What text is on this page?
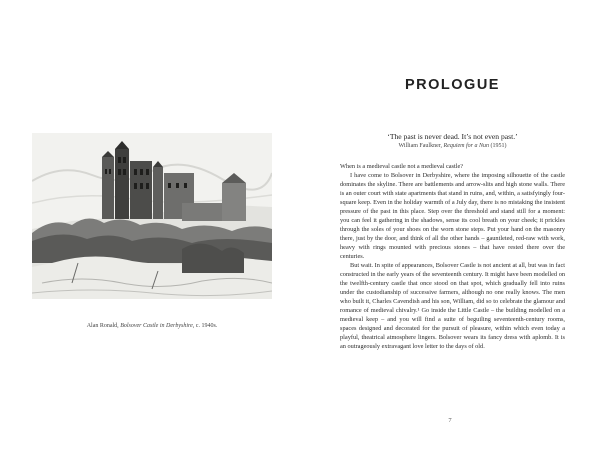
Alan Ronald, Bolsover Castle in Derbyshire, c. 1940s.
PROLOGUE
‘The past is never dead. It’s not even past.’
William Faulkner, Requiem for a Nun (1951)

When is a medieval castle not a medieval castle?

I have come to Bolsover in Derbyshire, where the imposing silhouette of the castle dominates the skyline. There are battlements and arrow-slits and high stone walls. There is an outer court with state apartments that stand in ruins, and, within, a satisfyingly four-square keep. Even in the holiday warmth of a July day, there is no mistaking the insistent pressure of the past in this place. Step over the threshold and stand still for a moment: you can feel it gathering in the shadows, sense its cool breath on your cheek; it prickles through the soles of your shoes on the worn stone steps. Put your hand on the masonry there, just by the door, and think of all the other hands – gauntleted, red-raw with work, heavy with rings mounted with precious stones – that have rested there over the centuries.

But wait. In spite of appearances, Bolsover Castle is not ancient at all, but was in fact constructed in the early years of the seventeenth century. It might have been modelled on the twelfth-century castle that once stood on that spot, which gradually fell into ruins under the custodianship of successive farmers, although no one really knows. The men who built it, Charles Cavendish and his son, William, did so to celebrate the glamour and romance of medieval chivalry.¹ Go inside the Little Castle – the building modelled on a medieval keep – and you will find a suite of beguiling seventeenth-century rooms, spaces designed and decorated for the pursuit of pleasure, within which even today a playful, theatrical atmosphere lingers. Bolsover wears its fancy dress with aplomb. It is an outrageously extravagant love letter to the days of old.

7
